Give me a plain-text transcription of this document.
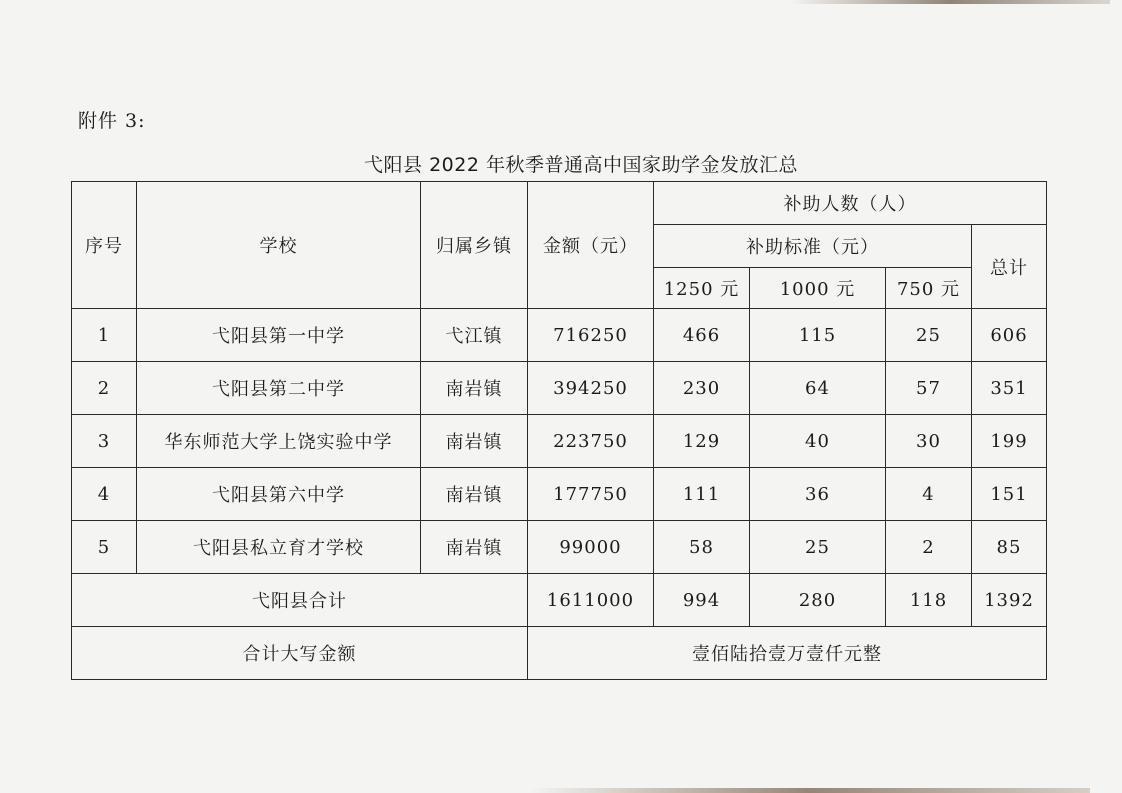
附件 3:
弋阳县 2022 年秋季普通高中国家助学金发放汇总
序号	学校	归属乡镇	金额（元）	补助人数（人）			
				补助标准（元）			总计
				1250 元	1000 元	750 元	
1	弋阳县第一中学	弋江镇	716250	466	115	25	606
2	弋阳县第二中学	南岩镇	394250	230	64	57	351
3	华东师范大学上饶实验中学	南岩镇	223750	129	40	30	199
4	弋阳县第六中学	南岩镇	177750	111	36	4	151
5	弋阳县私立育才学校	南岩镇	99000	58	25	2	85
弋阳县合计			1611000	994	280	118	1392
合计大写金额			壹佰陆拾壹万壹仟元整				
